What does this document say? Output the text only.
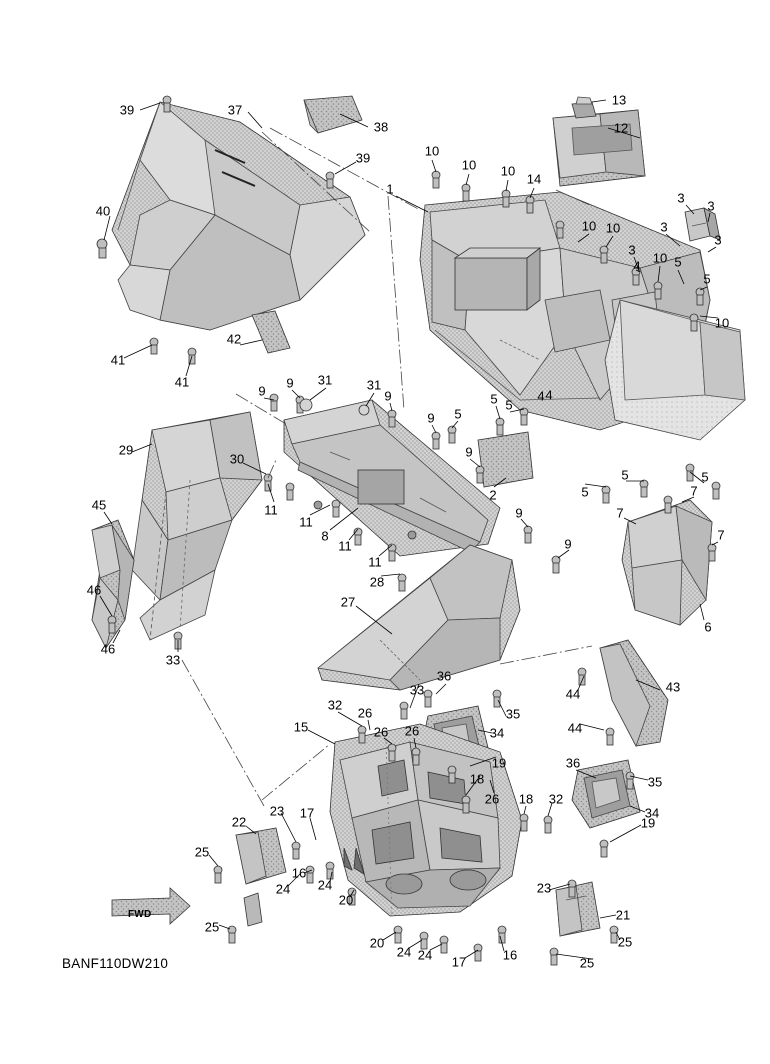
FWD
BANF110DW210
39	37
38
13
12
39	10
10 10
14
1
3
3
40
10 10	3
3
3
4
10 5
5
10
41
42
41
9
9 31	31
9
9 5
5 5
4 4
29
30	9
2	5
5	5
7
11
45
11
8
9	7
7
11	9
11
46
28
6
27
46
33
44	43
36
33
35
44
32
26
34
15	26 26
19	36
18	35
26 18 32
34
23
22
17
25
19
16
24 24	23
20
21
25
20
24 24 17	16
25
25
